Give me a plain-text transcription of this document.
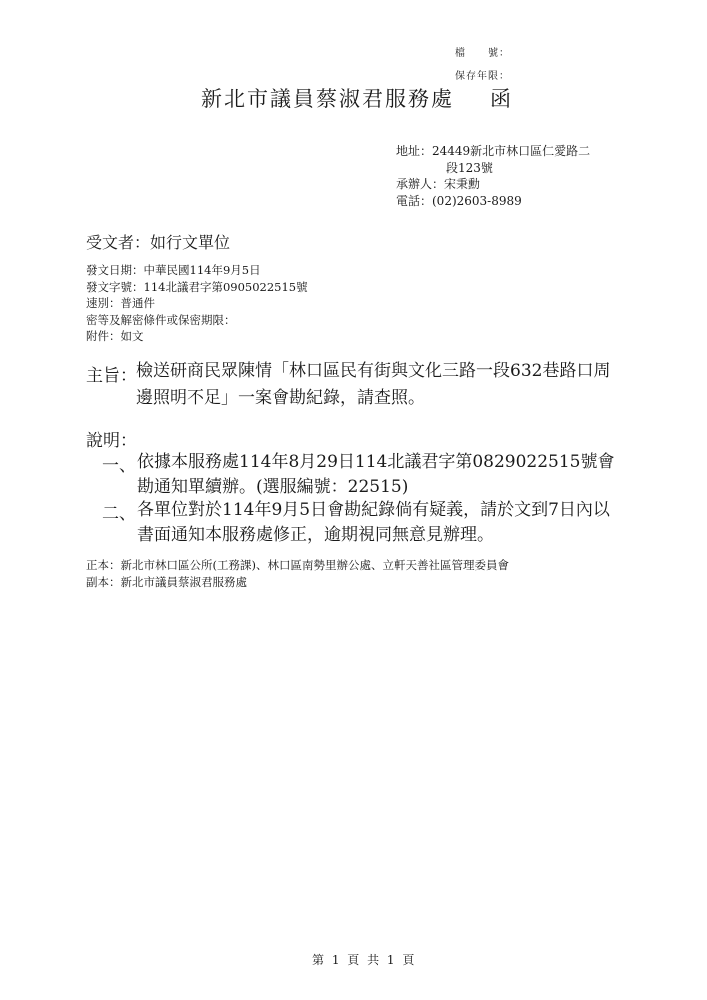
檔　　號：
保存年限：
新北市議員蔡淑君服務處 函
地址：24449新北市林口區仁愛路二
段123號
承辦人：宋秉勳
電話：(02)2603-8989
受文者：如行文單位
發文日期：中華民國114年9月5日
發文字號：114北議君字第0905022515號
速別：普通件
密等及解密條件或保密期限：
附件：如文
主旨： 檢送研商民眾陳情「林口區民有街與文化三路一段632巷路口周邊照明不足」一案會勘紀錄，請查照。
說明：
一、 依據本服務處114年8月29日114北議君字第0829022515號會勘通知單續辦。(選服編號：22515)
二、 各單位對於114年9月5日會勘紀錄倘有疑義，請於文到7日內以書面通知本服務處修正，逾期視同無意見辦理。
正本：新北市林口區公所(工務課)、林口區南勢里辦公處、立軒天善社區管理委員會
副本：新北市議員蔡淑君服務處
第 1 頁 共 1 頁
